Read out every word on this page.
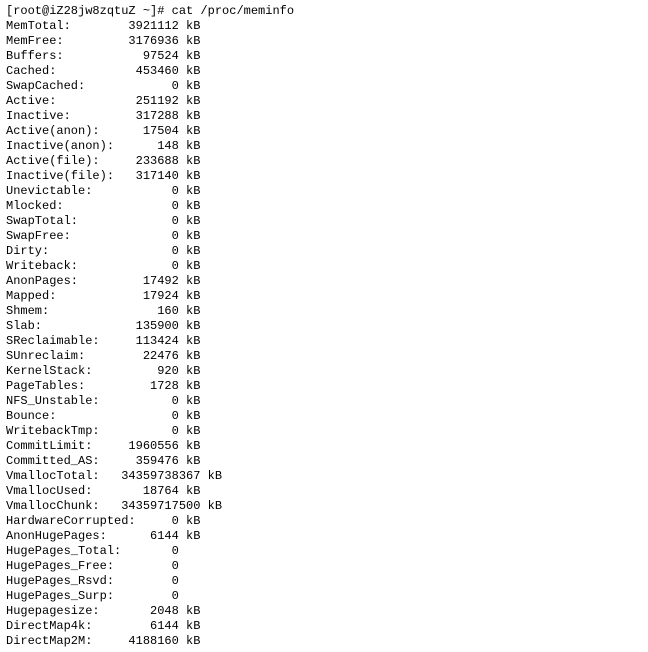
[root@iZ28jw8zqtuZ ~]# cat /proc/meminfo
MemTotal:        3921112 kB
MemFree:         3176936 kB
Buffers:           97524 kB
Cached:           453460 kB
SwapCached:            0 kB
Active:           251192 kB
Inactive:         317288 kB
Active(anon):      17504 kB
Inactive(anon):      148 kB
Active(file):     233688 kB
Inactive(file):   317140 kB
Unevictable:           0 kB
Mlocked:               0 kB
SwapTotal:             0 kB
SwapFree:              0 kB
Dirty:                 0 kB
Writeback:             0 kB
AnonPages:         17492 kB
Mapped:            17924 kB
Shmem:               160 kB
Slab:             135900 kB
SReclaimable:     113424 kB
SUnreclaim:        22476 kB
KernelStack:         920 kB
PageTables:         1728 kB
NFS_Unstable:          0 kB
Bounce:                0 kB
WritebackTmp:          0 kB
CommitLimit:     1960556 kB
Committed_AS:     359476 kB
VmallocTotal:   34359738367 kB
VmallocUsed:       18764 kB
VmallocChunk:   34359717500 kB
HardwareCorrupted:     0 kB
AnonHugePages:      6144 kB
HugePages_Total:       0
HugePages_Free:        0
HugePages_Rsvd:        0
HugePages_Surp:        0
Hugepagesize:       2048 kB
DirectMap4k:        6144 kB
DirectMap2M:     4188160 kB
